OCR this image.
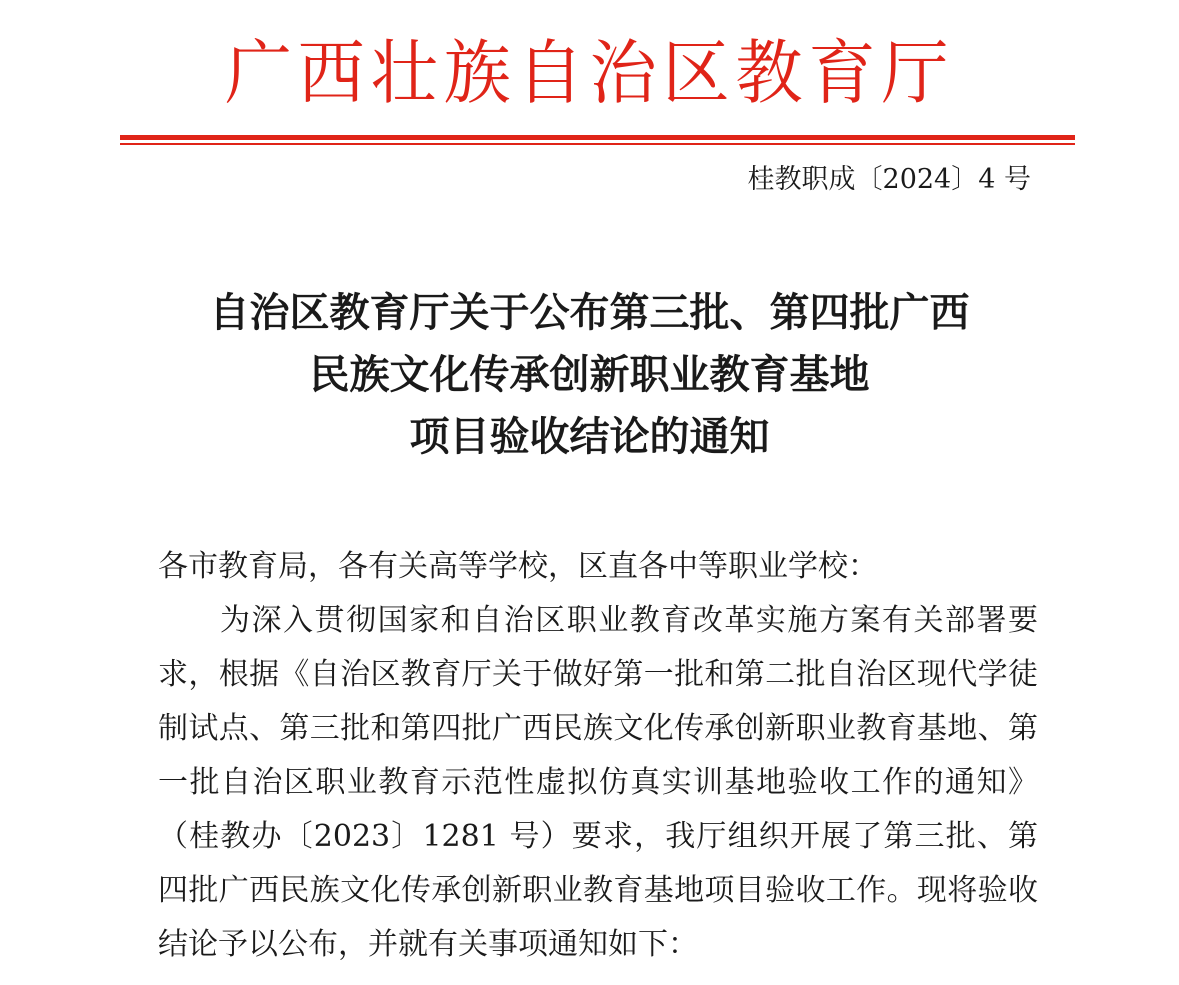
广西壮族自治区教育厅
桂教职成〔2024〕4 号
自治区教育厅关于公布第三批、第四批广西
民族文化传承创新职业教育基地
项目验收结论的通知
各市教育局，各有关高等学校，区直各中等职业学校：

为深入贯彻国家和自治区职业教育改革实施方案有关部署要求，根据《自治区教育厅关于做好第一批和第二批自治区现代学徒制试点、第三批和第四批广西民族文化传承创新职业教育基地、第一批自治区职业教育示范性虚拟仿真实训基地验收工作的通知》（桂教办〔2023〕1281 号）要求，我厅组织开展了第三批、第四批广西民族文化传承创新职业教育基地项目验收工作。现将验收结论予以公布，并就有关事项通知如下：
